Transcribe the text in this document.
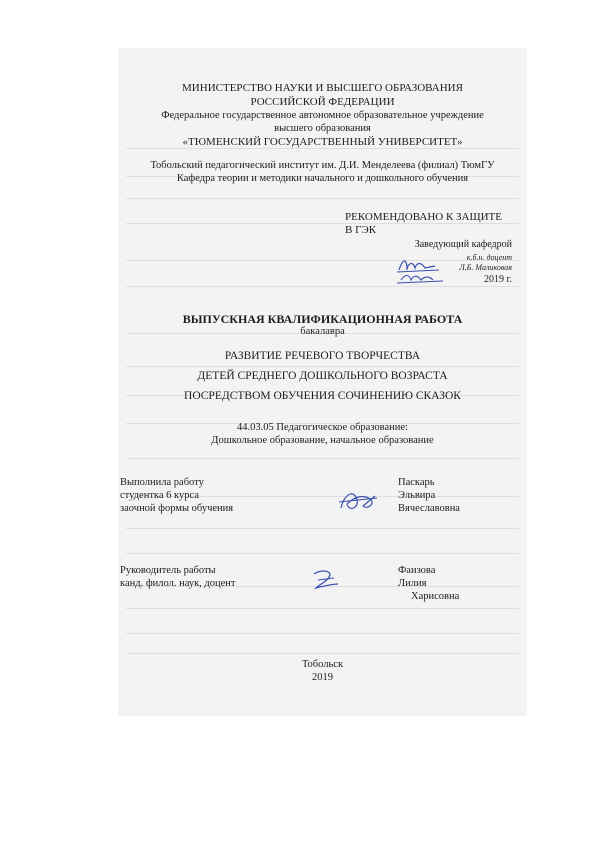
МИНИСТЕРСТВО НАУКИ И ВЫСШЕГО ОБРАЗОВАНИЯ
РОССИЙСКОЙ ФЕДЕРАЦИИ
Федеральное государственное автономное образовательное учреждение
высшего образования
«ТЮМЕНСКИЙ ГОСУДАРСТВЕННЫЙ УНИВЕРСИТЕТ»
Тобольский педагогический институт им. Д.И. Менделеева (филиал) ТюмГУ
Кафедра теории и методики начального и дошкольного обучения
РЕКОМЕНДОВАНО К ЗАЩИТЕ
В ГЭК
Заведующий кафедрой
к.б.н. доцент
Л.Б. Маликовая
2019 г.
ВЫПУСКНАЯ КВАЛИФИКАЦИОННАЯ РАБОТА
бакалавра
РАЗВИТИЕ РЕЧЕВОГО ТВОРЧЕСТВА
ДЕТЕЙ СРЕДНЕГО ДОШКОЛЬНОГО ВОЗРАСТА
ПОСРЕДСТВОМ ОБУЧЕНИЯ СОЧИНЕНИЮ СКАЗОК
44.03.05 Педагогическое образование:
Дошкольное образование, начальное образование
Выполнила работу
студентка 6 курса
заочной формы обучения
Паскарь
Эльвира
Вячеславовна
Руководитель работы
канд. филол. наук, доцент
Фаизова
Лилия
Харисовна
Тобольск
2019
